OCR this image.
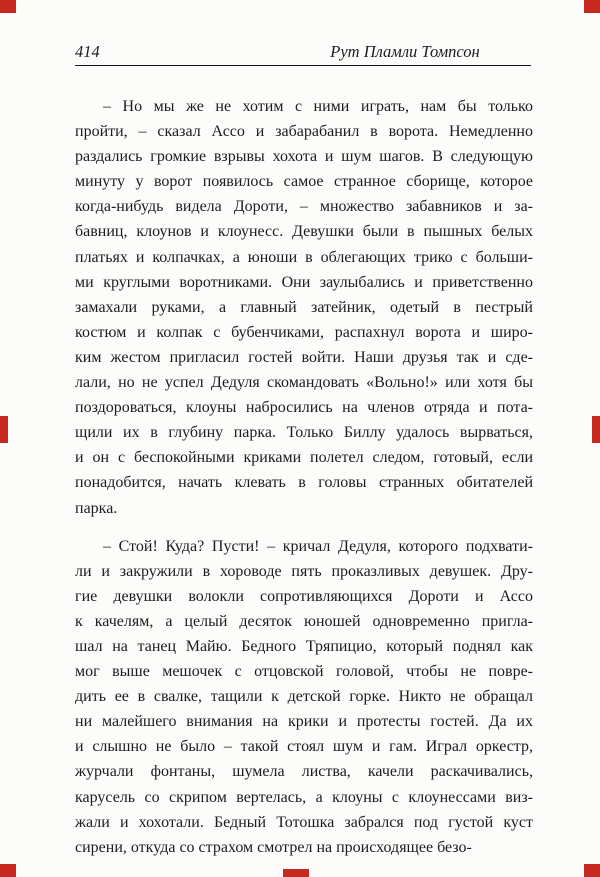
414	Рут Пламли Томпсон
– Но мы же не хотим с ними играть, нам бы только
пройти, – сказал Ассо и забарабанил в ворота. Немедленно
раздались громкие взрывы хохота и шум шагов. В следующую
минуту у ворот появилось самое странное сборище, которое
когда-нибудь видела Дороти, – множество забавников и за-
бавниц, клоунов и клоунесс. Девушки были в пышных белых
платьях и колпачках, а юноши в облегающих трико с больши-
ми круглыми воротниками. Они заулыбались и приветственно
замахали руками, а главный затейник, одетый в пестрый
костюм и колпак с бубенчиками, распахнул ворота и широ-
ким жестом пригласил гостей войти. Наши друзья так и сде-
лали, но не успел Дедуля скомандовать «Вольно!» или хотя бы
поздороваться, клоуны набросились на членов отряда и пота-
щили их в глубину парка. Только Биллу удалось вырваться,
и он с беспокойными криками полетел следом, готовый, если
понадобится, начать клевать в головы странных обитателей
парка.
– Стой! Куда? Пусти! – кричал Дедуля, которого подхвати-
ли и закружили в хороводе пять проказливых девушек. Дру-
гие девушки волокли сопротивляющихся Дороти и Ассо
к качелям, а целый десяток юношей одновременно пригла-
шал на танец Майю. Бедного Тряпицио, который поднял как
мог выше мешочек с отцовской головой, чтобы не повре-
дить ее в свалке, тащили к детской горке. Никто не обращал
ни малейшего внимания на крики и протесты гостей. Да их
и слышно не было – такой стоял шум и гам. Играл оркестр,
журчали фонтаны, шумела листва, качели раскачивались,
карусель со скрипом вертелась, а клоуны с клоунессами виз-
жали и хохотали. Бедный Тотошка забрался под густой куст
сирени, откуда со страхом смотрел на происходящее безо-
